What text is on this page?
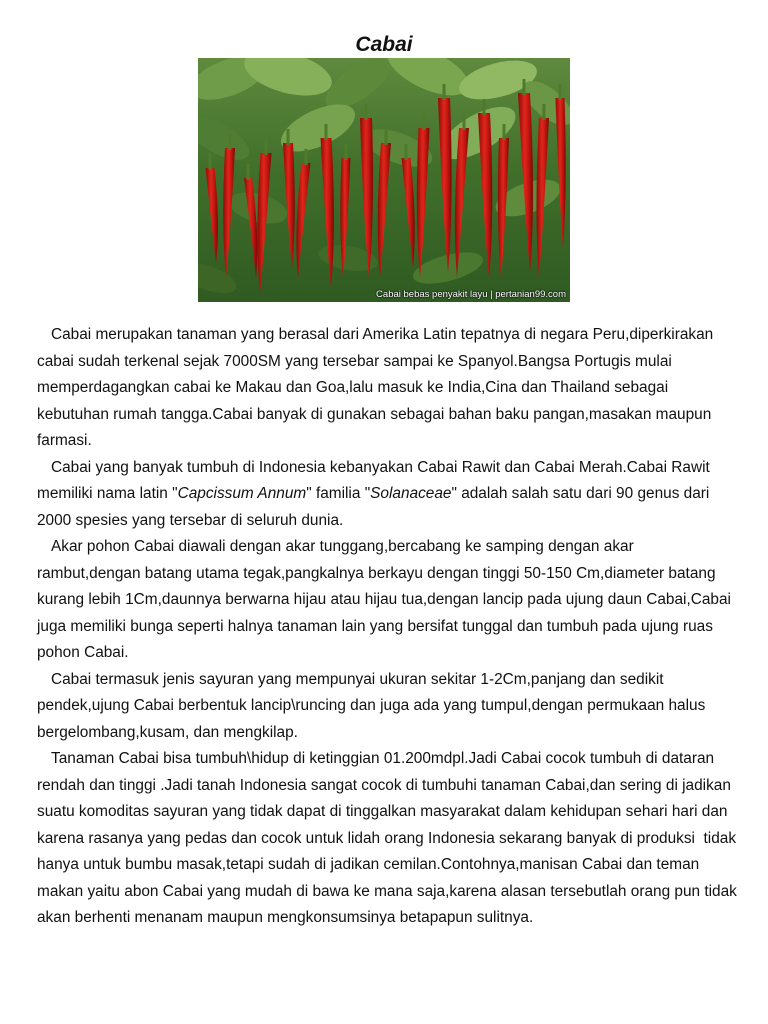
Cabai
Cabai bebas penyakit layu | pertanian99.com

Cabai merupakan tanaman yang berasal dari Amerika Latin tepatnya di negara Peru,diperkirakan cabai sudah terkenal sejak 7000SM yang tersebar sampai ke Spanyol.Bangsa Portugis mulai memperdagangkan cabai ke Makau dan Goa,lalu masuk ke India,Cina dan Thailand sebagai kebutuhan rumah tangga.Cabai banyak di gunakan sebagai bahan baku pangan,masakan maupun farmasi.

Cabai yang banyak tumbuh di Indonesia kebanyakan Cabai Rawit dan Cabai Merah.Cabai Rawit memiliki nama latin "Capcissum Annum" familia "Solanaceae" adalah salah satu dari 90 genus dari 2000 spesies yang tersebar di seluruh dunia.

Akar pohon Cabai diawali dengan akar tunggang,bercabang ke samping dengan akar rambut,dengan batang utama tegak,pangkalnya berkayu dengan tinggi 50-150 Cm,diameter batang kurang lebih 1Cm,daunnya berwarna hijau atau hijau tua,dengan lancip pada ujung daun Cabai,Cabai juga memiliki bunga seperti halnya tanaman lain yang bersifat tunggal dan tumbuh pada ujung ruas pohon Cabai.

Cabai termasuk jenis sayuran yang mempunyai ukuran sekitar 1-2Cm,panjang dan sedikit pendek,ujung Cabai berbentuk lancip\runcing dan juga ada yang tumpul,dengan permukaan halus bergelombang,kusam, dan mengkilap.

Tanaman Cabai bisa tumbuh\hidup di ketinggian 01.200mdpl.Jadi Cabai cocok tumbuh di dataran rendah dan tinggi .Jadi tanah Indonesia sangat cocok di tumbuhi tanaman Cabai,dan sering di jadikan suatu komoditas sayuran yang tidak dapat di tinggalkan masyarakat dalam kehidupan sehari hari dan karena rasanya yang pedas dan cocok untuk lidah orang Indonesia sekarang banyak di produksi  tidak hanya untuk bumbu masak,tetapi sudah di jadikan cemilan.Contohnya,manisan Cabai dan teman makan yaitu abon Cabai yang mudah di bawa ke mana saja,karena alasan tersebutlah orang pun tidak akan berhenti menanam maupun mengkonsumsinya betapapun sulitnya.
